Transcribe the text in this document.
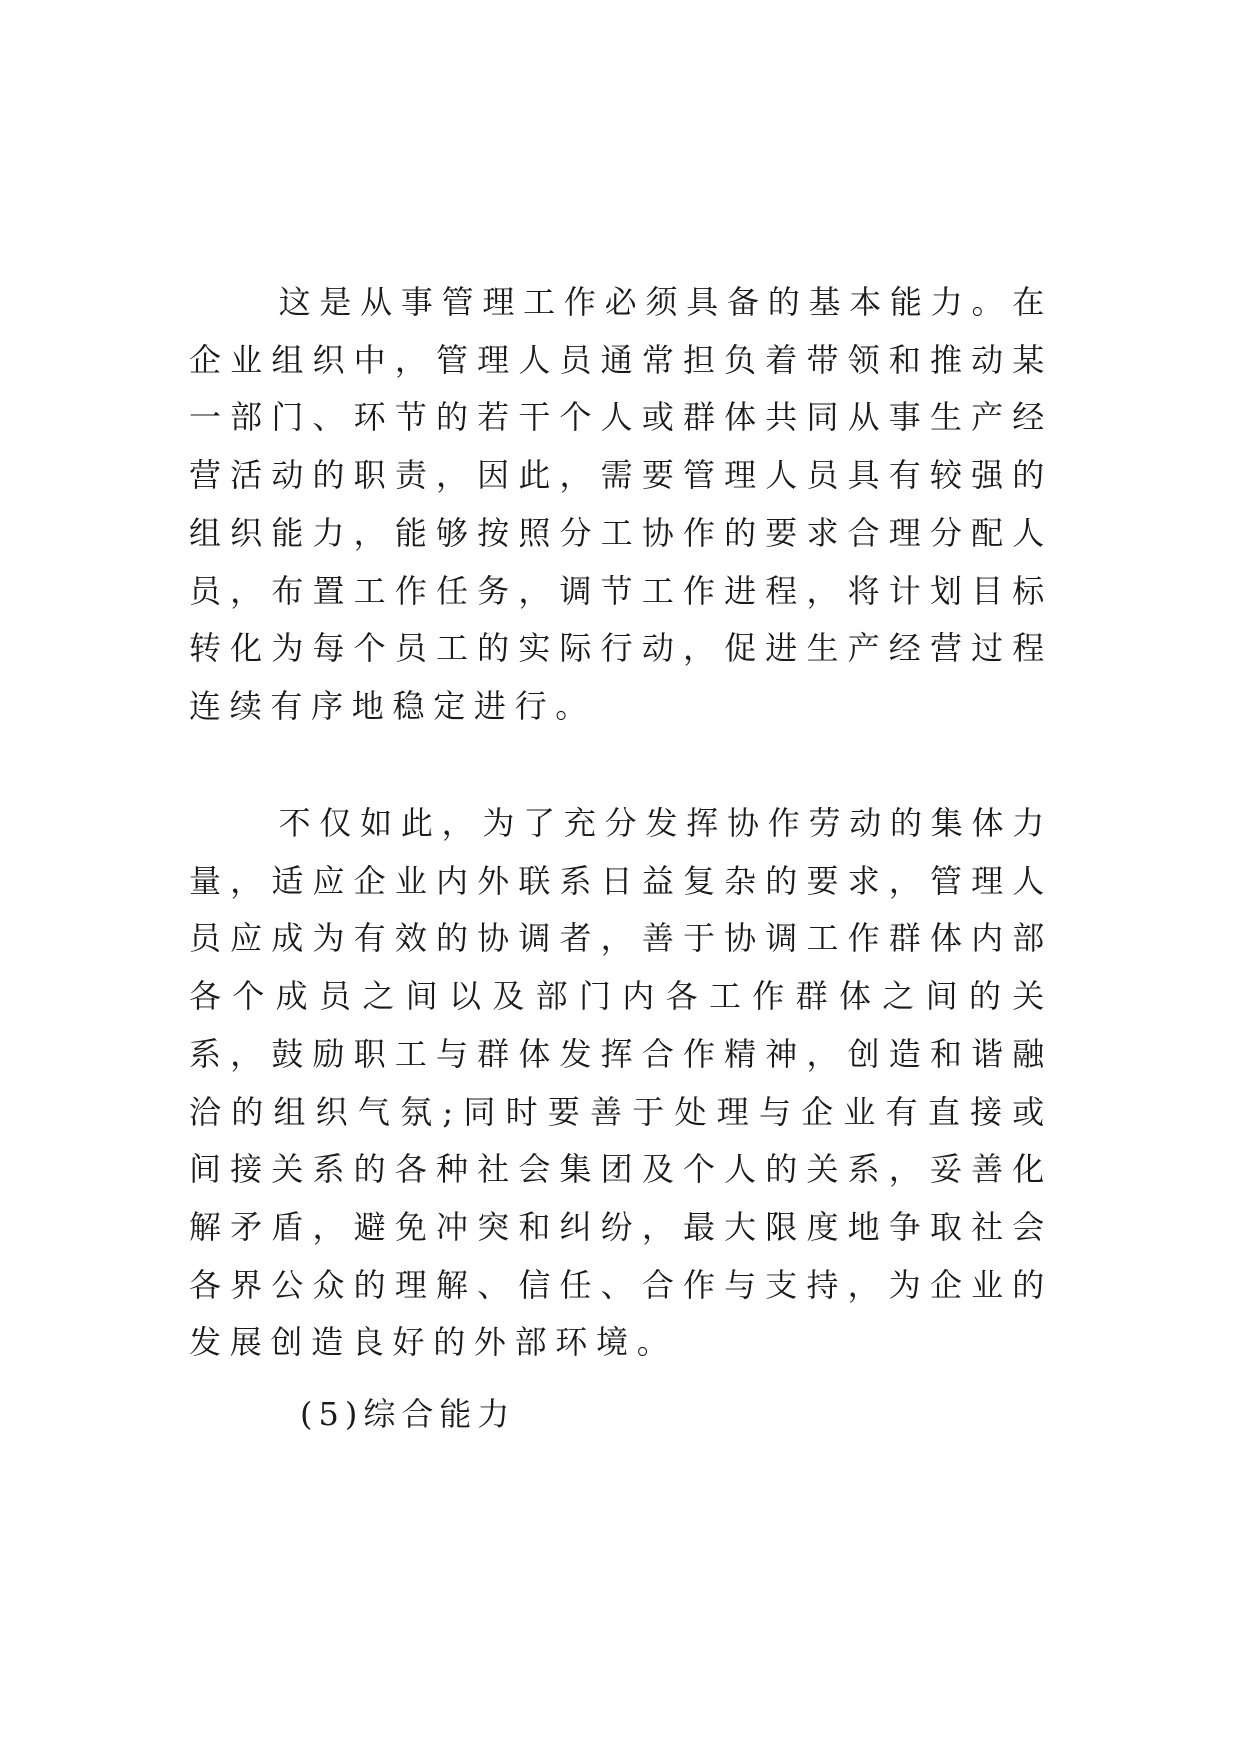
这是从事管理工作必须具备的基本能力。在企业组织中，管理人员通常担负着带领和推动某一部门、环节的若干个人或群体共同从事生产经营活动的职责，因此，需要管理人员具有较强的组织能力，能够按照分工协作的要求合理分配人员，布置工作任务，调节工作进程，将计划目标转化为每个员工的实际行动，促进生产经营过程连续有序地稳定进行。

不仅如此，为了充分发挥协作劳动的集体力量，适应企业内外联系日益复杂的要求，管理人员应成为有效的协调者，善于协调工作群体内部各个成员之间以及部门内各工作群体之间的关系，鼓励职工与群体发挥合作精神，创造和谐融洽的组织气氛;同时要善于处理与企业有直接或间接关系的各种社会集团及个人的关系，妥善化解矛盾，避免冲突和纠纷，最大限度地争取社会各界公众的理解、信任、合作与支持，为企业的发展创造良好的外部环境。

(5)综合能力
